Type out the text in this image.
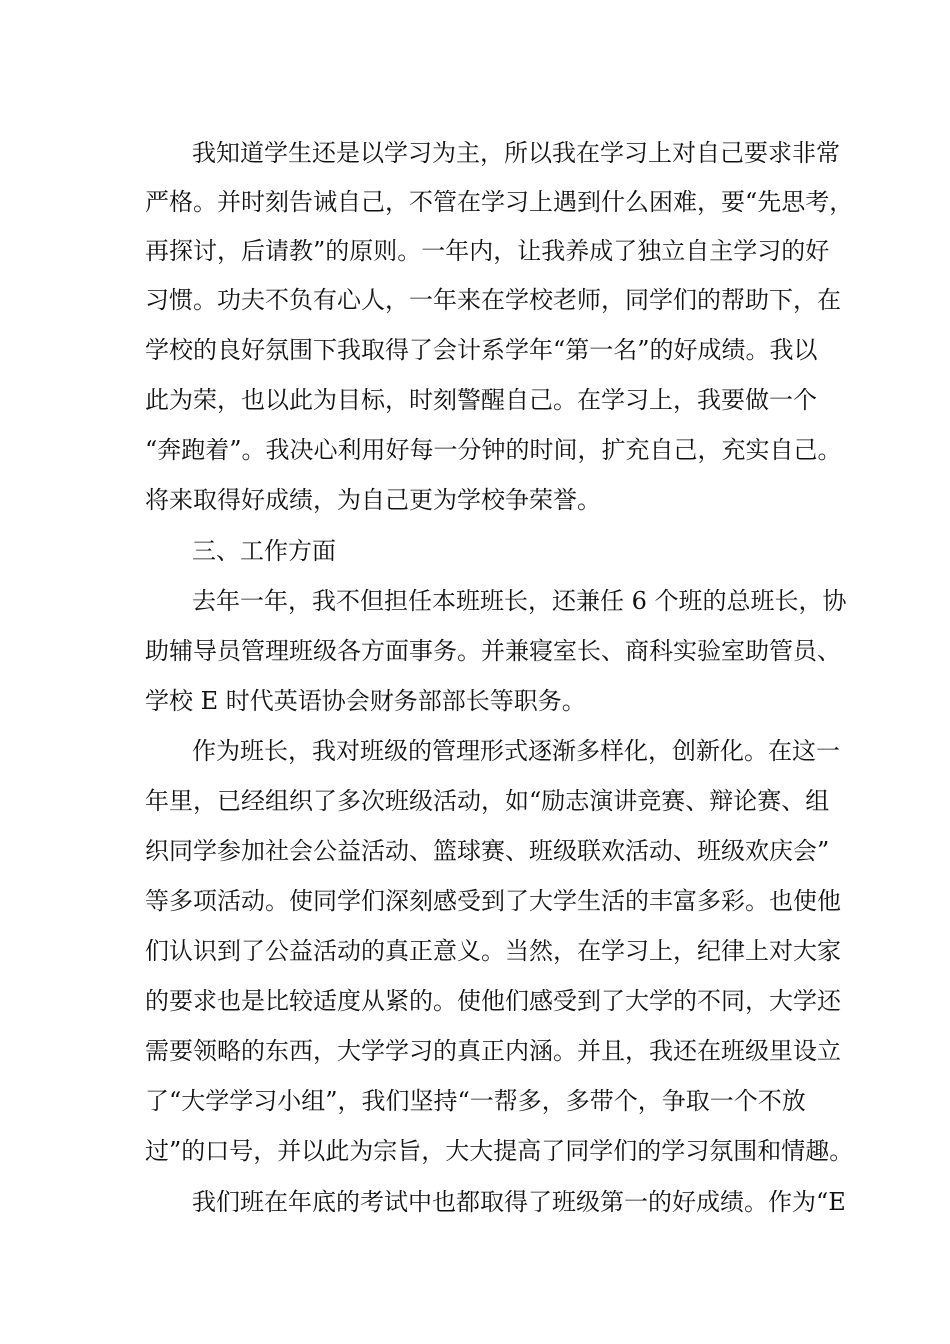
我知道学生还是以学习为主，所以我在学习上对自己要求非常
严格。并时刻告诫自己，不管在学习上遇到什么困难，要“先思考，
再探讨，后请教”的原则。一年内，让我养成了独立自主学习的好
习惯。功夫不负有心人，一年来在学校老师，同学们的帮助下，在
学校的良好氛围下我取得了会计系学年“第一名”的好成绩。我以
此为荣，也以此为目标，时刻警醒自己。在学习上，我要做一个
“奔跑着”。我决心利用好每一分钟的时间，扩充自己，充实自己。
将来取得好成绩，为自己更为学校争荣誉。
三、工作方面
去年一年，我不但担任本班班长，还兼任 6 个班的总班长，协
助辅导员管理班级各方面事务。并兼寝室长、商科实验室助管员、
学校 E 时代英语协会财务部部长等职务。
作为班长，我对班级的管理形式逐渐多样化，创新化。在这一
年里，已经组织了多次班级活动，如“励志演讲竞赛、辩论赛、组
织同学参加社会公益活动、篮球赛、班级联欢活动、班级欢庆会”
等多项活动。使同学们深刻感受到了大学生活的丰富多彩。也使他
们认识到了公益活动的真正意义。当然，在学习上，纪律上对大家
的要求也是比较适度从紧的。使他们感受到了大学的不同，大学还
需要领略的东西，大学学习的真正内涵。并且，我还在班级里设立
了“大学学习小组”，我们坚持“一帮多，多带个，争取一个不放
过”的口号，并以此为宗旨，大大提高了同学们的学习氛围和情趣。
我们班在年底的考试中也都取得了班级第一的好成绩。作为“E
